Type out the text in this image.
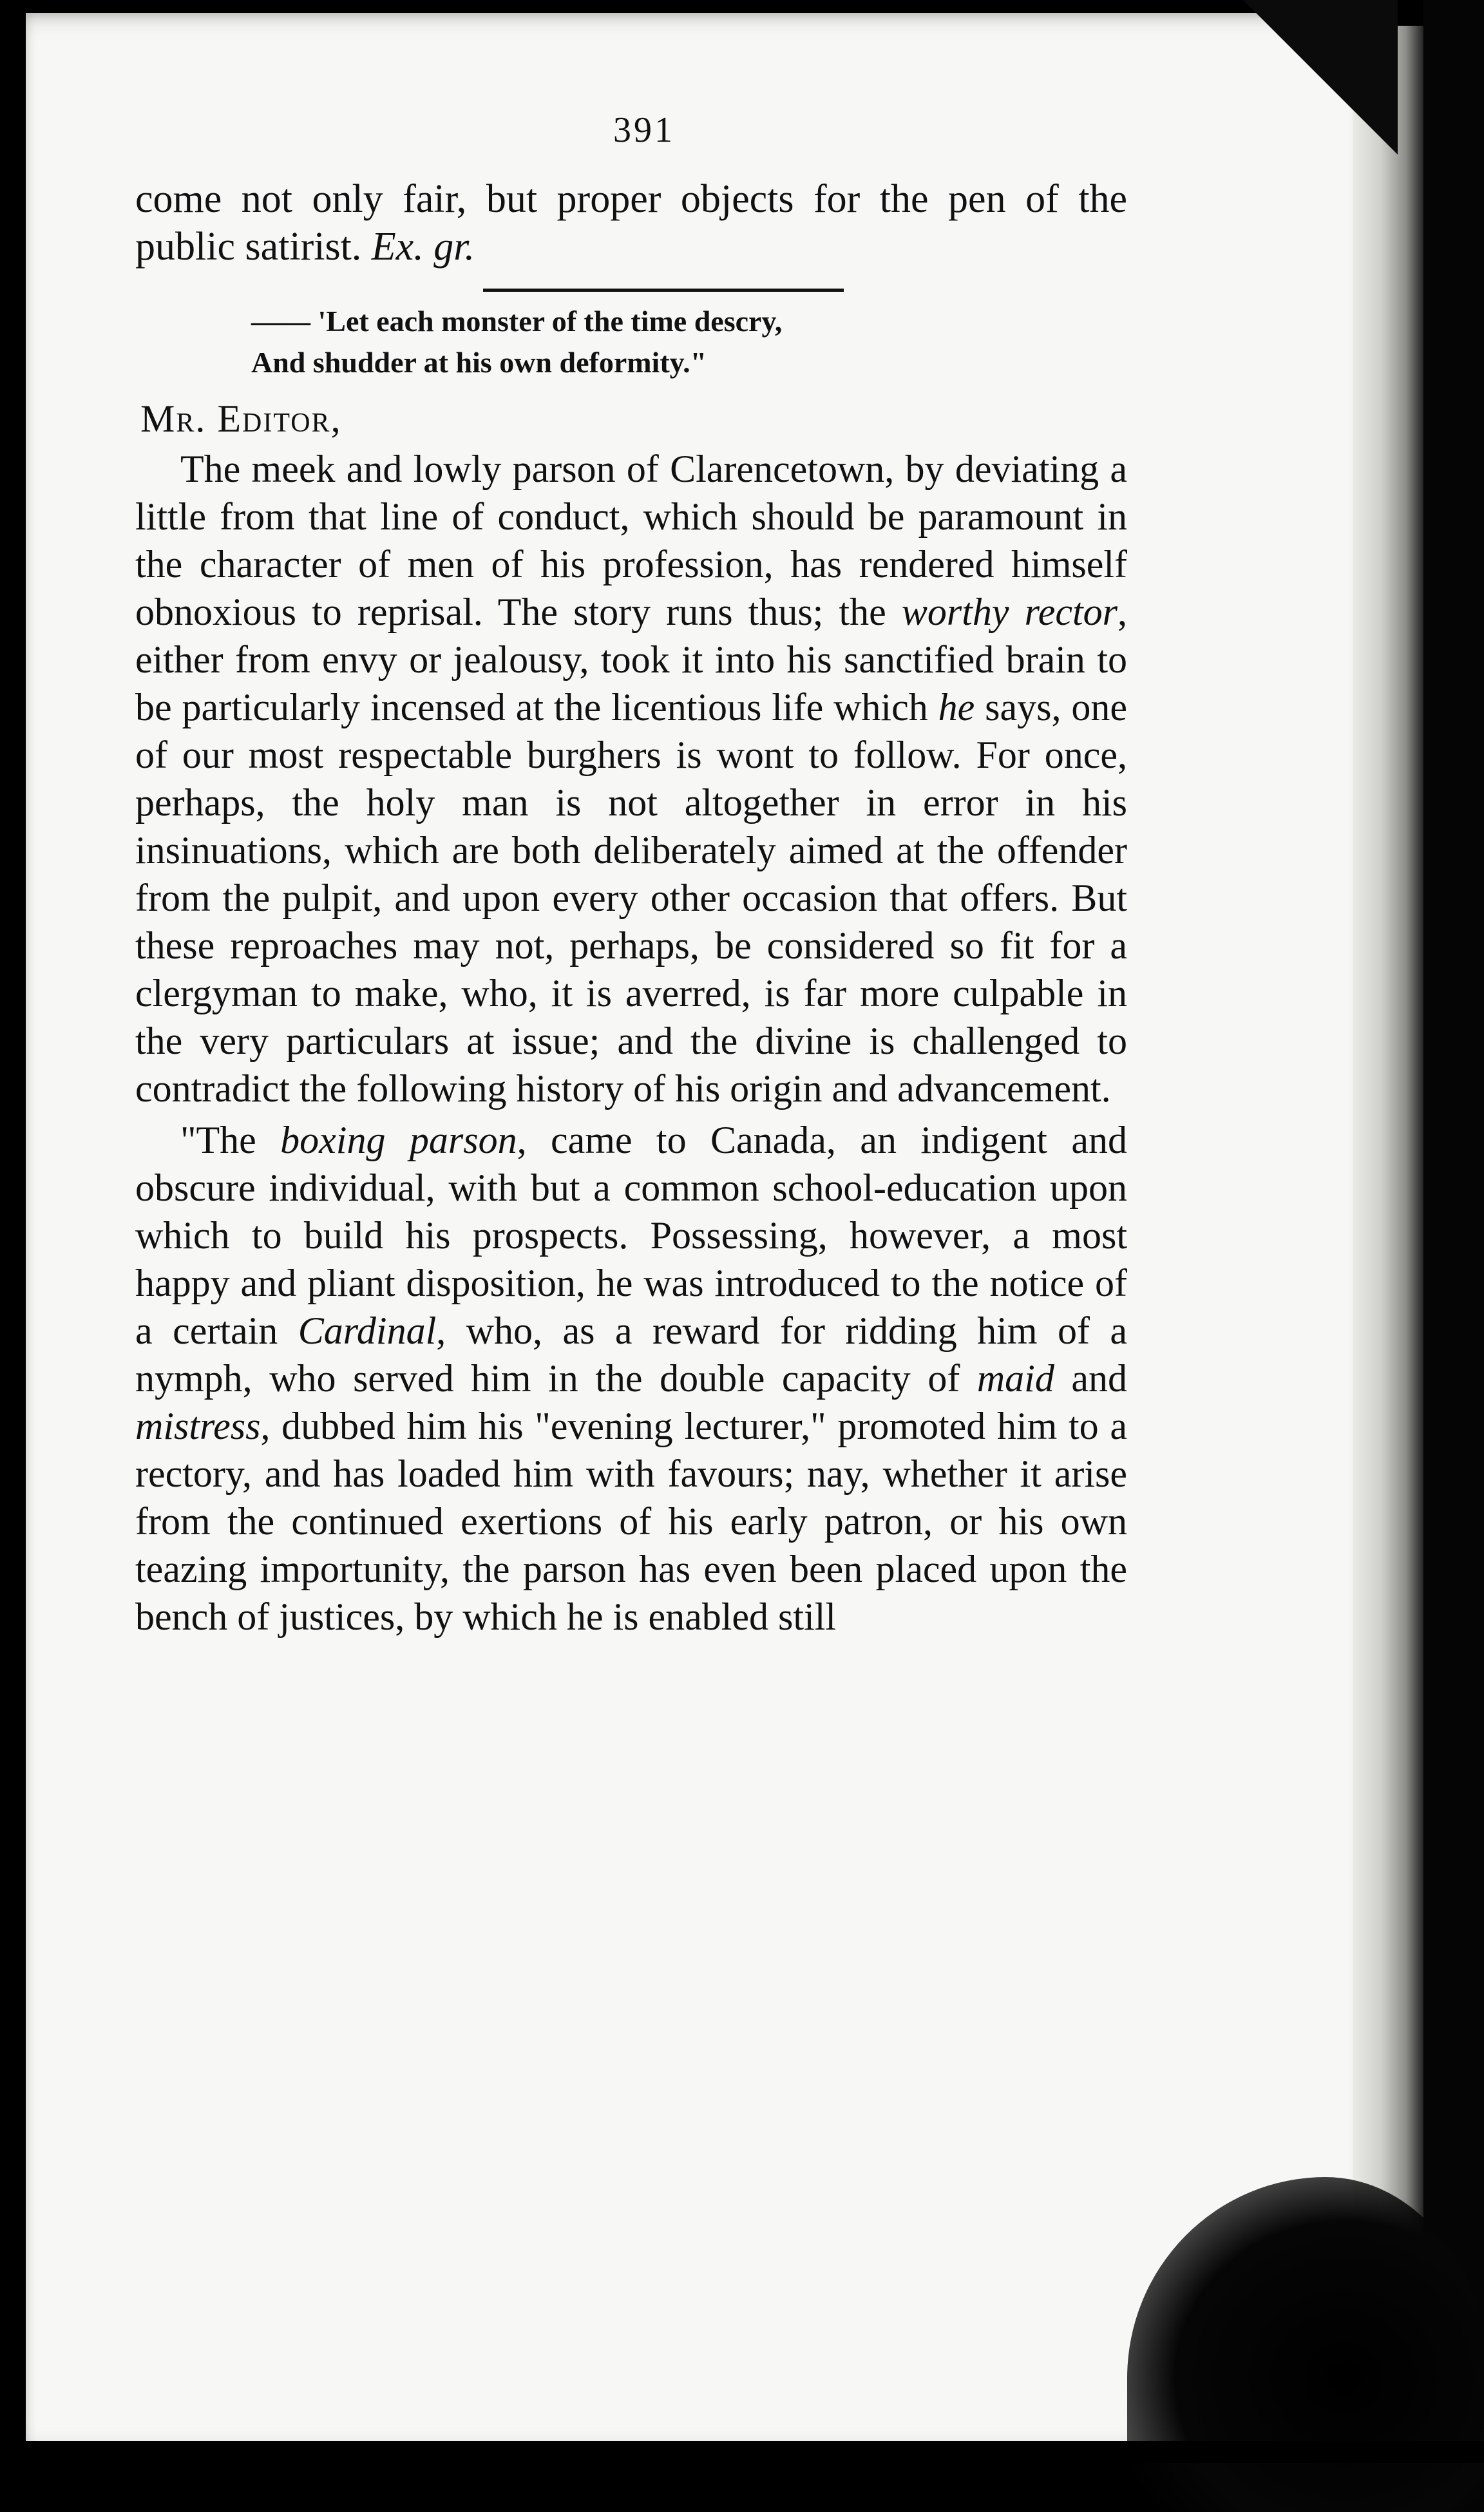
391

come not only fair, but proper objects for the pen of the public satirist. Ex. gr.

—— 'Let each monster of the time descry,
And shudder at his own deformity."
Mr. Editor,

The meek and lowly parson of Clarencetown, by deviating a little from that line of conduct, which should be paramount in the character of men of his profession, has rendered himself obnoxious to reprisal. The story runs thus; the worthy rector, either from envy or jealousy, took it into his sanctified brain to be particularly incensed at the licentious life which he says, one of our most respectable burghers is wont to follow. For once, perhaps, the holy man is not altogether in error in his insinuations, which are both deliberately aimed at the offender from the pulpit, and upon every other occasion that offers. But these reproaches may not, perhaps, be considered so fit for a clergyman to make, who, it is averred, is far more culpable in the very particulars at issue; and the divine is challenged to contradict the following history of his origin and advancement.

"The boxing parson, came to Canada, an indigent and obscure individual, with but a common school-education upon which to build his prospects. Possessing, however, a most happy and pliant disposition, he was introduced to the notice of a certain Cardinal, who, as a reward for ridding him of a nymph, who served him in the double capacity of maid and mistress, dubbed him his "evening lecturer," promoted him to a rectory, and has loaded him with favours; nay, whether it arise from the continued exertions of his early patron, or his own teazing importunity, the parson has even been placed upon the bench of justices, by which he is enabled still
